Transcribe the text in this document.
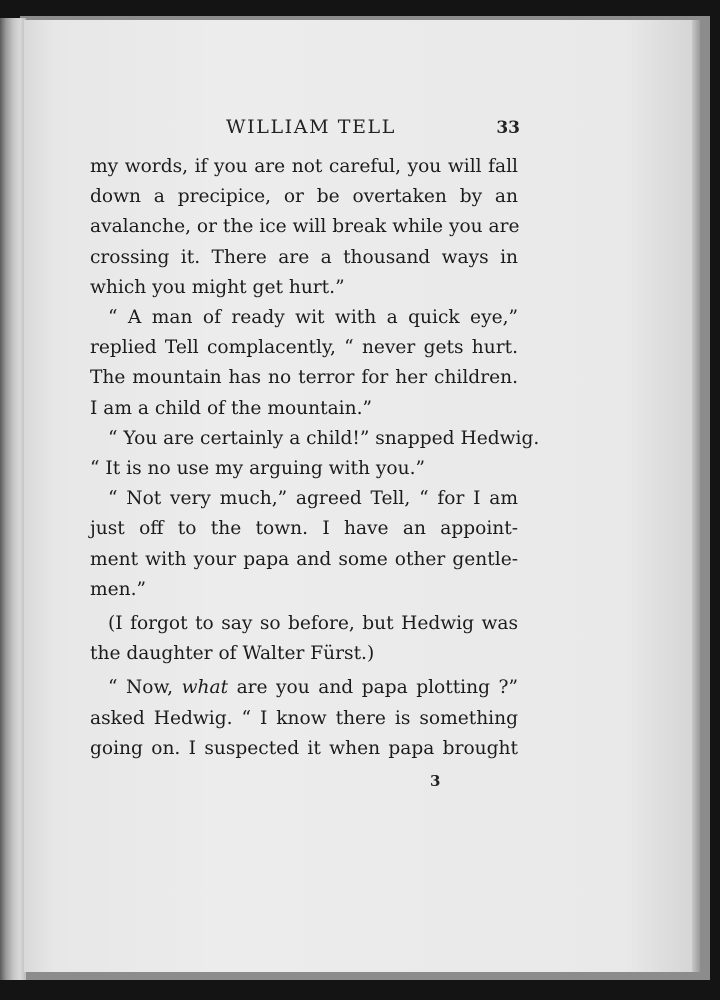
WILLIAM TELL	33

my words, if you are not careful, you will fall
down a precipice, or be overtaken by an
avalanche, or the ice will break while you are
crossing it. There are a thousand ways in
which you might get hurt.”

“ A man of ready wit with a quick eye,”
replied Tell complacently, “ never gets hurt.
The mountain has no terror for her children.
I am a child of the mountain.”

“ You are certainly a child!” snapped Hedwig.
“ It is no use my arguing with you.”

“ Not very much,” agreed Tell, “ for I am
just off to the town. I have an appoint-
ment with your papa and some other gentle-
men.”

(I forgot to say so before, but Hedwig was
the daughter of Walter Fürst.)

“ Now, what are you and papa plotting ?”
asked Hedwig. “ I know there is something
going on. I suspected it when papa brought

3
